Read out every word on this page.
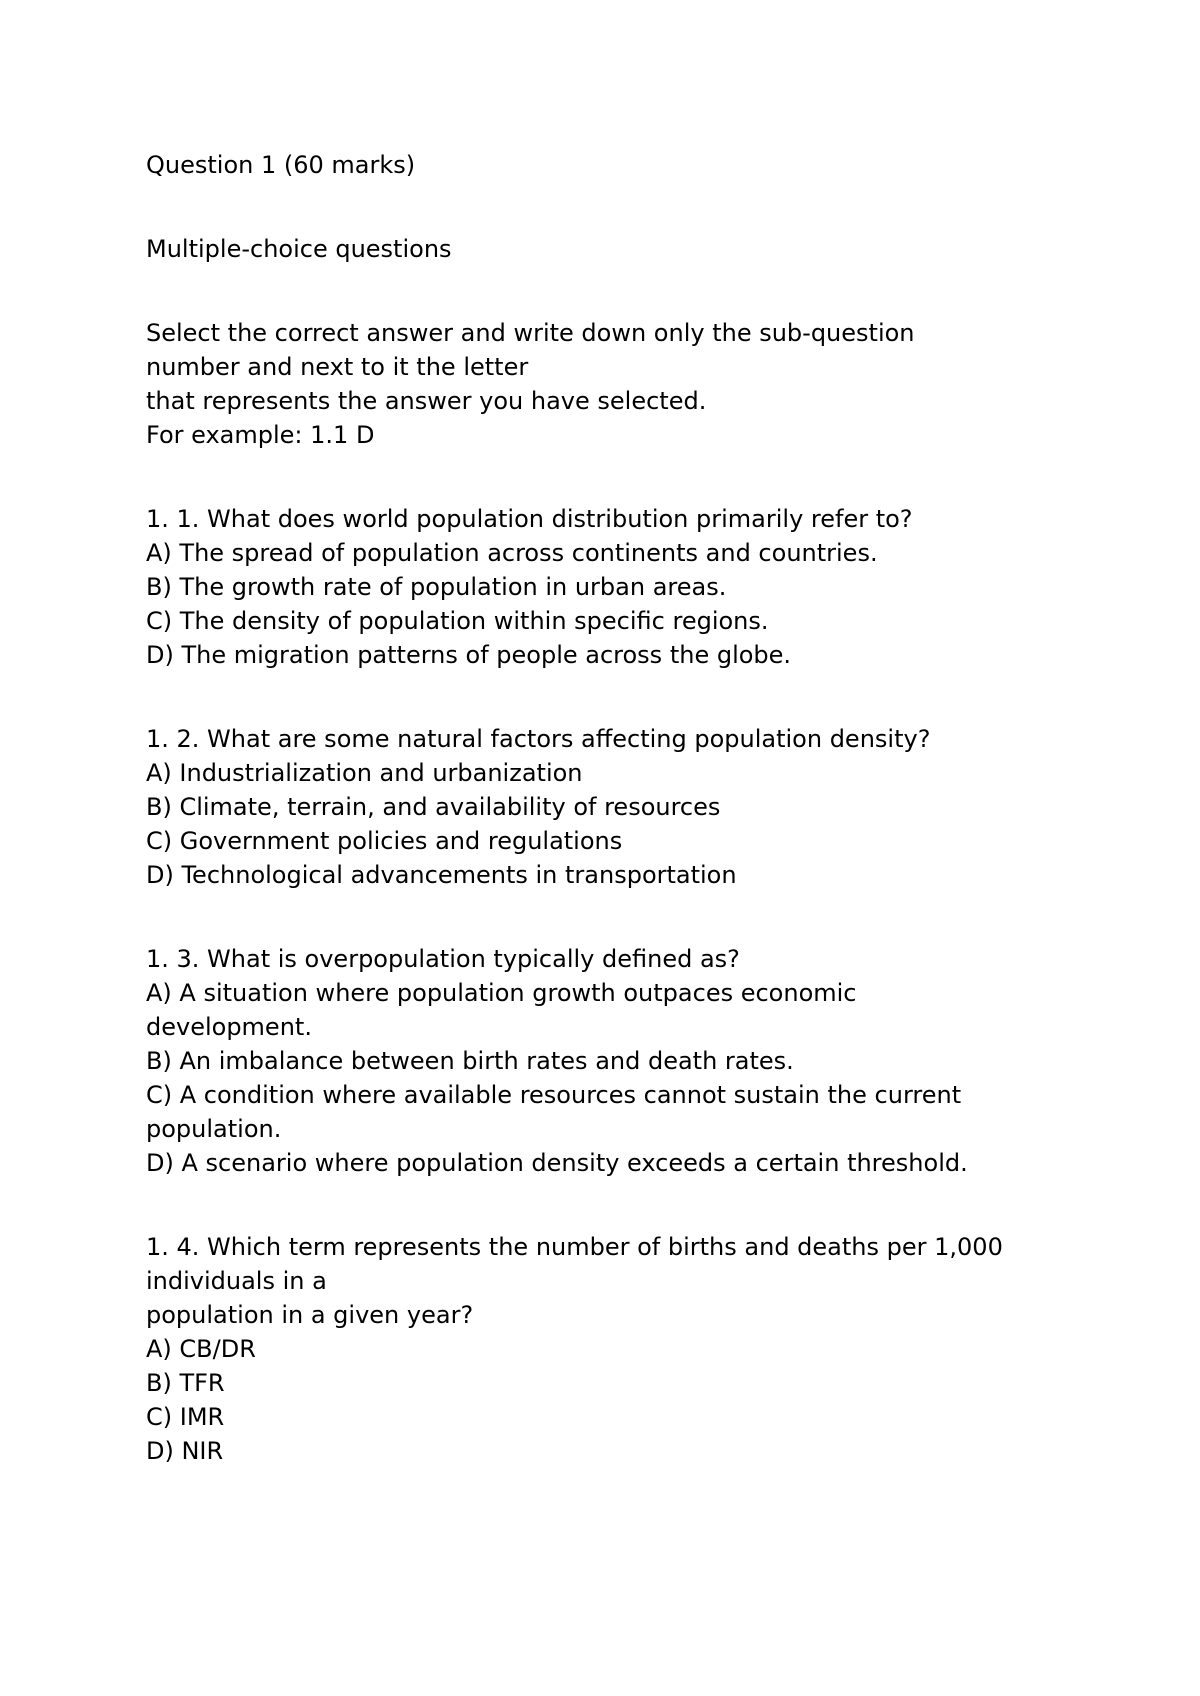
Question 1 (60 marks)
Multiple-choice questions
Select the correct answer and write down only the sub-question
number and next to it the letter
that represents the answer you have selected.
For example: 1.1 D
1. 1. What does world population distribution primarily refer to?
A) The spread of population across continents and countries.
B) The growth rate of population in urban areas.
C) The density of population within specific regions.
D) The migration patterns of people across the globe.
1. 2. What are some natural factors affecting population density?
A) Industrialization and urbanization
B) Climate, terrain, and availability of resources
C) Government policies and regulations
D) Technological advancements in transportation
1. 3. What is overpopulation typically defined as?
A) A situation where population growth outpaces economic
development.
B) An imbalance between birth rates and death rates.
C) A condition where available resources cannot sustain the current
population.
D) A scenario where population density exceeds a certain threshold.
1. 4. Which term represents the number of births and deaths per 1,000
individuals in a
population in a given year?
A) CB/DR
B) TFR
C) IMR
D) NIR
